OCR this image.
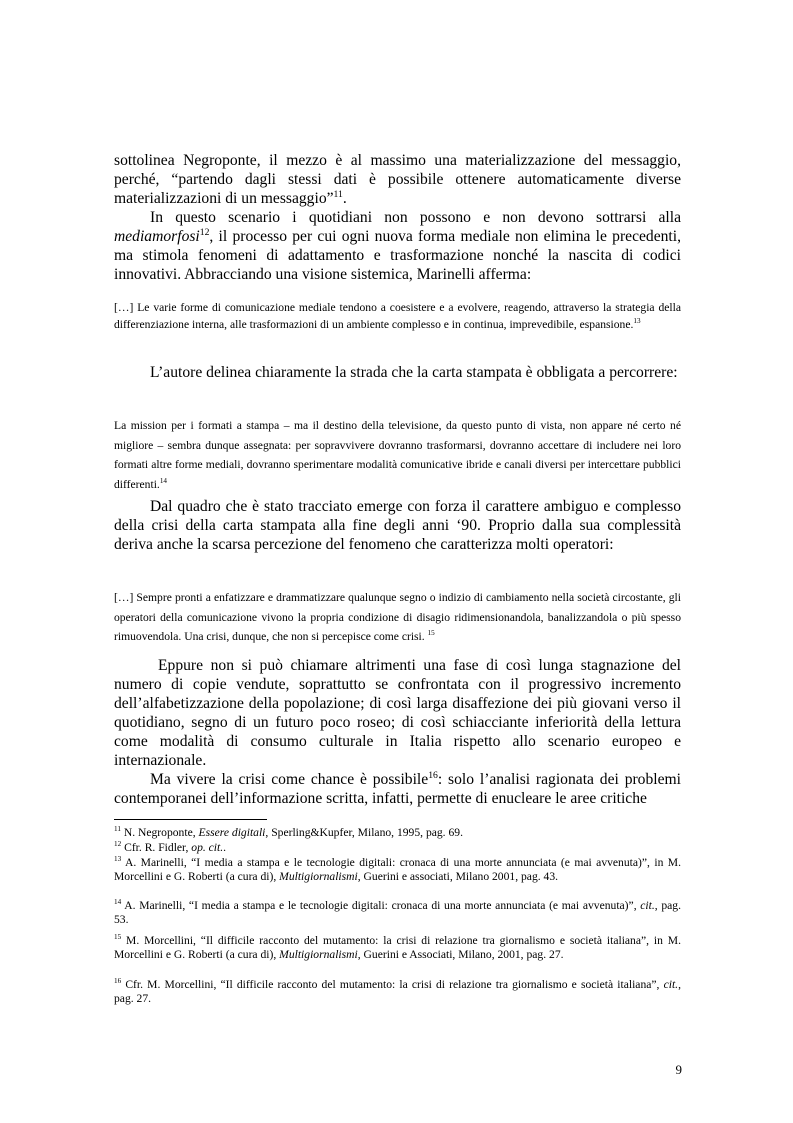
sottolinea Negroponte, il mezzo è al massimo una materializzazione del messaggio, perché, “partendo dagli stessi dati è possibile ottenere automaticamente diverse materializzazioni di un messaggio”$^{11}$.

In questo scenario i quotidiani non possono e non devono sottrarsi alla mediamorfosi$^{12}$, il processo per cui ogni nuova forma mediale non elimina le precedenti, ma stimola fenomeni di adattamento e trasformazione nonché la nascita di codici innovativi. Abbracciando una visione sistemica, Marinelli afferma:

[…] Le varie forme di comunicazione mediale tendono a coesistere e a evolvere, reagendo, attraverso la strategia della differenziazione interna, alle trasformazioni di un ambiente complesso e in continua, imprevedibile, espansione.$^{13}$

L’autore delinea chiaramente la strada che la carta stampata è obbligata a percorrere:

La mission per i formati a stampa – ma il destino della televisione, da questo punto di vista, non appare né certo né migliore – sembra dunque assegnata: per sopravvivere dovranno trasformarsi, dovranno accettare di includere nei loro formati altre forme mediali, dovranno sperimentare modalità comunicative ibride e canali diversi per intercettare pubblici differenti.$^{14}$

Dal quadro che è stato tracciato emerge con forza il carattere ambiguo e complesso della crisi della carta stampata alla fine degli anni ‘90. Proprio dalla sua complessità deriva anche la scarsa percezione del fenomeno che caratterizza molti operatori:

[…] Sempre pronti a enfatizzare e drammatizzare qualunque segno o indizio di cambiamento nella società circostante, gli operatori della comunicazione vivono la propria condizione di disagio ridimensionandola, banalizzandola o più spesso rimuovendola. Una crisi, dunque, che non si percepisce come crisi. $^{15}$

Eppure non si può chiamare altrimenti una fase di così lunga stagnazione del numero di copie vendute, soprattutto se confrontata con il progressivo incremento dell’alfabetizzazione della popolazione; di così larga disaffezione dei più giovani verso il quotidiano, segno di un futuro poco roseo; di così schiacciante inferiorità della lettura come modalità di consumo culturale in Italia rispetto allo scenario europeo e internazionale.

Ma vivere la crisi come chance è possibile$^{16}$: solo l’analisi ragionata dei problemi contemporanei dell’informazione scritta, infatti, permette di enucleare le aree critiche

$^{11}$ N. Negroponte, Essere digitali, Sperling&Kupfer, Milano, 1995, pag. 69.

$^{12}$ Cfr. R. Fidler, op. cit..

$^{13}$ A. Marinelli, “I media a stampa e le tecnologie digitali: cronaca di una morte annunciata (e mai avvenuta)”, in M. Morcellini e G. Roberti (a cura di), Multigiornalismi, Guerini e associati, Milano 2001, pag. 43.

$^{14}$ A. Marinelli, “I media a stampa e le tecnologie digitali: cronaca di una morte annunciata (e mai avvenuta)”, cit., pag. 53.

$^{15}$ M. Morcellini, “Il difficile racconto del mutamento: la crisi di relazione tra giornalismo e società italiana”, in M. Morcellini e G. Roberti (a cura di), Multigiornalismi, Guerini e Associati, Milano, 2001, pag. 27.

$^{16}$ Cfr. M. Morcellini, “Il difficile racconto del mutamento: la crisi di relazione tra giornalismo e società italiana”, cit., pag. 27.

9
